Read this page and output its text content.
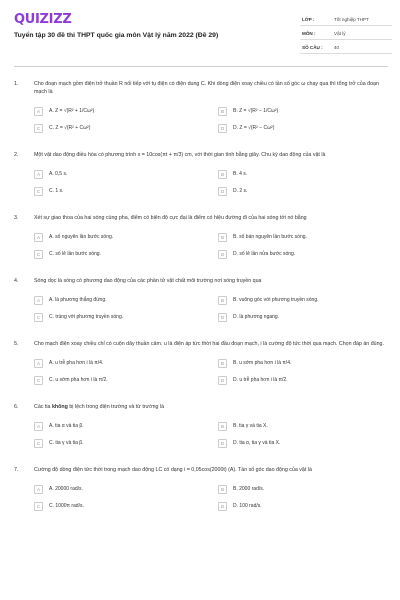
QUIZIZZ
Tuyển tập 30 đề thi THPT quốc gia môn Vật lý năm 2022 (Đề 29)
LỚP :	Tốt nghiệp THPT
MÔN :	Vật lý
SỐ CÂU : 40
1.	Cho đoạn mạch gồm điện trở thuần R nối tiếp với tụ điện có điện dung C. Khi dòng điện xoay chiều có tần số góc ω chạy qua thì tổng trở của đoạn mạch là
A	A. Z = √(R² + 1/Cω²)	B	B. Z = √(R² − 1/Cω²)
C	C. Z = √(R² + Cω²)	D	D. Z = √(R² − Cω²)
2.	Một vật dao động điều hòa có phương trình x = 10cos(πt + π/3) cm, với thời gian tính bằng giây. Chu kỳ dao động của vật là
A	A. 0,5 s.	B	B. 4 s.
C	C. 1 s.	D	D. 2 s.
3.	Xét sự giao thoa của hai sóng cùng pha, điểm có biên độ cực đại là điểm có hiệu đường đi của hai sóng tới nó bằng
A	A. số nguyên lần bước sóng.	B	B. số bán nguyên lần bước sóng.
C	C. số lẻ lần bước sóng.	D	D. số lẻ lần nửa bước sóng.
4.	Sóng dọc là sóng có phương dao động của các phần tử vật chất môi trường nơi sóng truyền qua
A	A. là phương thẳng đứng.	B	B. vuông góc với phương truyền sóng.
C	C. trùng với phương truyền sóng.	D	D. là phương ngang.
5.	Cho mạch điện xoay chiều chỉ có cuộn dây thuần cảm. u là điện áp tức thời hai đầu đoạn mạch, i là cường độ tức thời qua mạch. Chọn đáp án đúng.
A	A. u trễ pha hơn i là π/4.	B	B. u sớm pha hơn i là π/4.
C	C. u sớm pha hơn i là π/2.	D	D. u trễ pha hơn i là π/2.
6.	Các tia không bị lệch trong điện trường và từ trường là
A	A. tia α và tia β.	B	B. tia γ và tia X.
C	C. tia γ và tia β.	D	D. tia α, tia γ và tia X.
7.	Cường độ dòng điện tức thời trong mạch dao động LC có dạng i = 0,05cos(2000t) (A). Tần số góc dao động của vật là
A	A. 20000 rad/s.	B	B. 2000 rad/s.
C	C. 1000π rad/s.	D	D. 100 rad/s.
